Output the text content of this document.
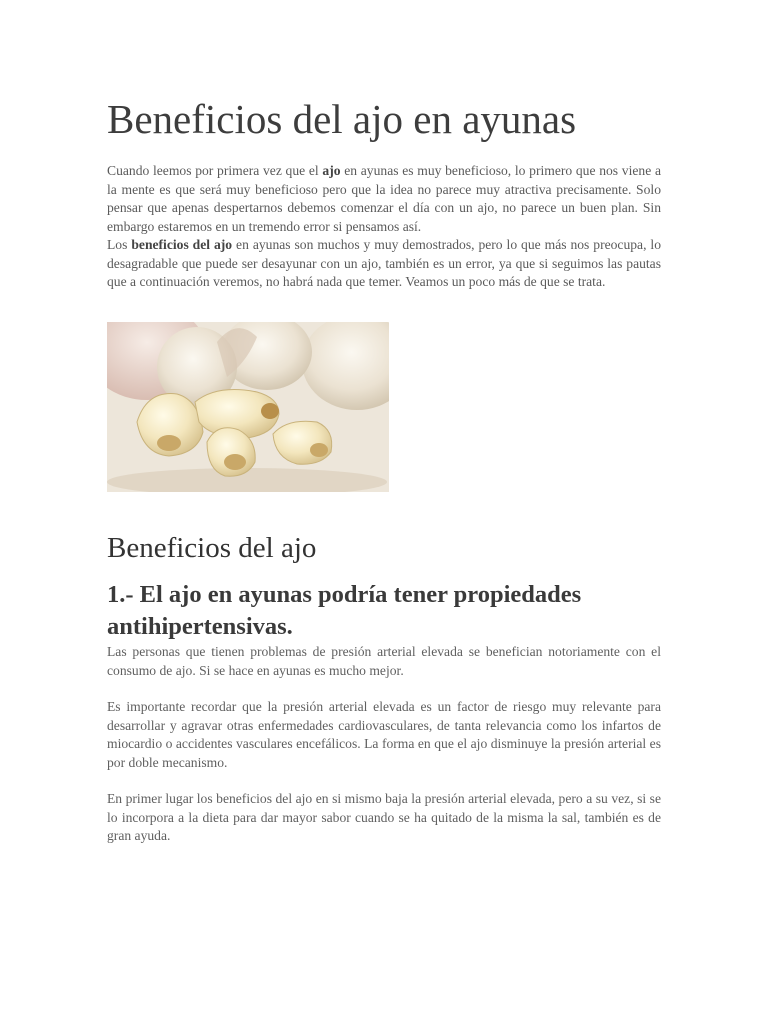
Beneficios del ajo en ayunas

Cuando leemos por primera vez que el ajo en ayunas es muy beneficioso, lo primero que nos viene a la mente es que será muy beneficioso pero que la idea no parece muy atractiva precisamente. Solo pensar que apenas despertarnos debemos comenzar el día con un ajo, no parece un buen plan. Sin embargo estaremos en un tremendo error si pensamos así.

Los beneficios del ajo en ayunas son muchos y muy demostrados, pero lo que más nos preocupa, lo desagradable que puede ser desayunar con un ajo, también es un error, ya que si seguimos las pautas que a continuación veremos, no habrá nada que temer. Veamos un poco más de que se trata.

Beneficios del ajo
1.- El ajo en ayunas podría tener propiedades antihipertensivas.

Las personas que tienen problemas de presión arterial elevada se benefician notoriamente con el consumo de ajo. Si se hace en ayunas es mucho mejor.

Es importante recordar que la presión arterial elevada es un factor de riesgo muy relevante para desarrollar y agravar otras enfermedades cardiovasculares, de tanta relevancia como los infartos de miocardio o accidentes vasculares encefálicos. La forma en que el ajo disminuye la presión arterial es por doble mecanismo.

En primer lugar los beneficios del ajo en si mismo baja la presión arterial elevada, pero a su vez, si se lo incorpora a la dieta para dar mayor sabor cuando se ha quitado de la misma la sal, también es de gran ayuda.
